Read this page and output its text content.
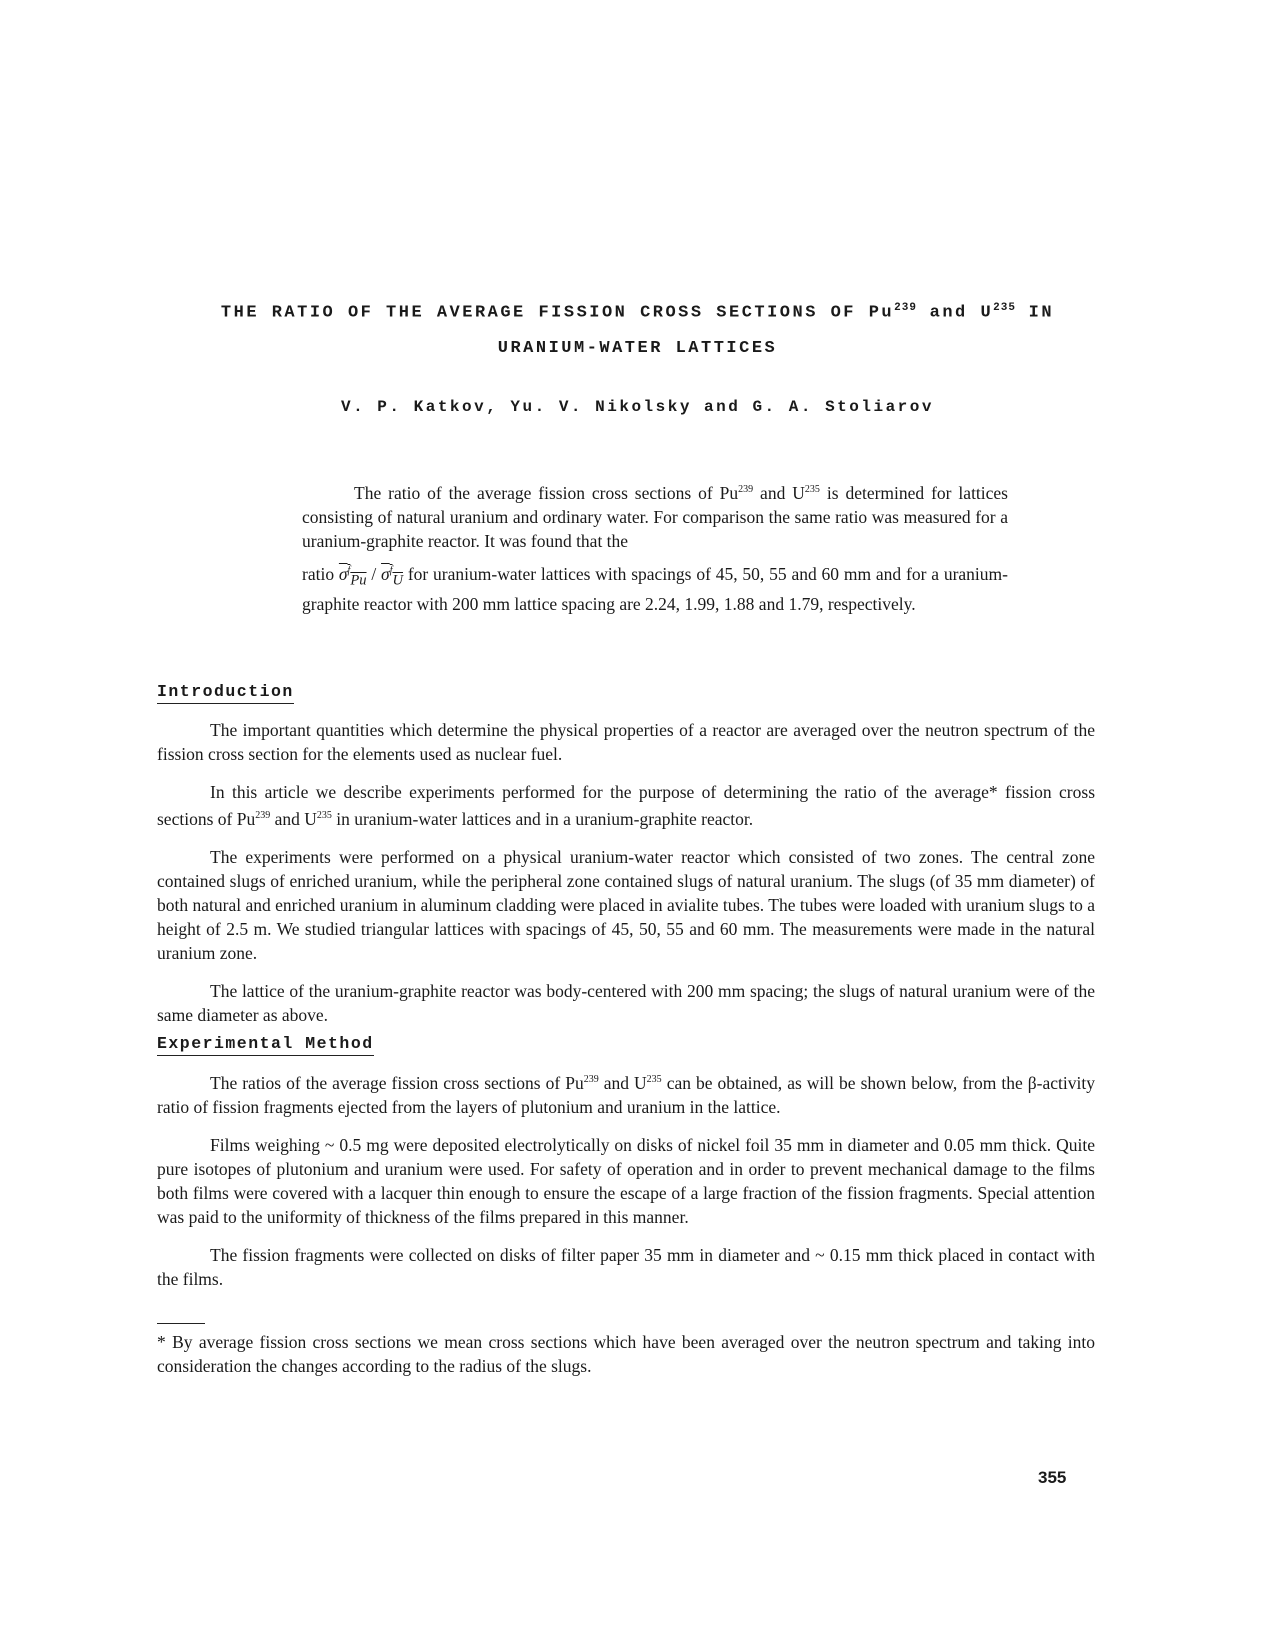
THE RATIO OF THE AVERAGE FISSION CROSS SECTIONS OF Pu$^{239}$ and $U^{235}$ IN
URANIUM-WATER LATTICES
V. P. Katkov, Yu. V. Nikolsky and G. A. Stoliarov

The ratio of the average fission cross sections of Pu$^{239}$ and $U^{235}$ is determined for lattices consisting of natural uranium and ordinary water. For comparison the same ratio was measured for a uranium-graphite reactor. It was found that the

ratio $\sigma^f_{Pu} / \sigma^f_U$ for uranium-water lattices with spacings of 45, 50, 55 and 60 mm and for a uranium-graphite reactor with 200 mm lattice spacing are 2.24, 1.99, 1.88 and 1.79, respectively.

Introduction

The important quantities which determine the physical properties of a reactor are averaged over the neutron spectrum of the fission cross section for the elements used as nuclear fuel.

In this article we describe experiments performed for the purpose of determining the ratio of the average* fission cross sections of Pu$^{239}$ and $U^{235}$ in uranium-water lattices and in a uranium-graphite reactor.

The experiments were performed on a physical uranium-water reactor which consisted of two zones. The central zone contained slugs of enriched uranium, while the peripheral zone contained slugs of natural uranium. The slugs (of 35 mm diameter) of both natural and enriched uranium in aluminum cladding were placed in avialite tubes. The tubes were loaded with uranium slugs to a height of 2.5 m. We studied triangular lattices with spacings of 45, 50, 55 and 60 mm. The measurements were made in the natural uranium zone.

The lattice of the uranium-graphite reactor was body-centered with 200 mm spacing; the slugs of natural uranium were of the same diameter as above.

Experimental Method

The ratios of the average fission cross sections of Pu$^{239}$ and $U^{235}$ can be obtained, as will be shown below, from the β-activity ratio of fission fragments ejected from the layers of plutonium and uranium in the lattice.

Films weighing ~ 0.5 mg were deposited electrolytically on disks of nickel foil 35 mm in diameter and 0.05 mm thick. Quite pure isotopes of plutonium and uranium were used. For safety of operation and in order to prevent mechanical damage to the films both films were covered with a lacquer thin enough to ensure the escape of a large fraction of the fission fragments. Special attention was paid to the uniformity of thickness of the films prepared in this manner.

The fission fragments were collected on disks of filter paper 35 mm in diameter and ~ 0.15 mm thick placed in contact with the films.

* By average fission cross sections we mean cross sections which have been averaged over the neutron spectrum and taking into consideration the changes according to the radius of the slugs.
355
